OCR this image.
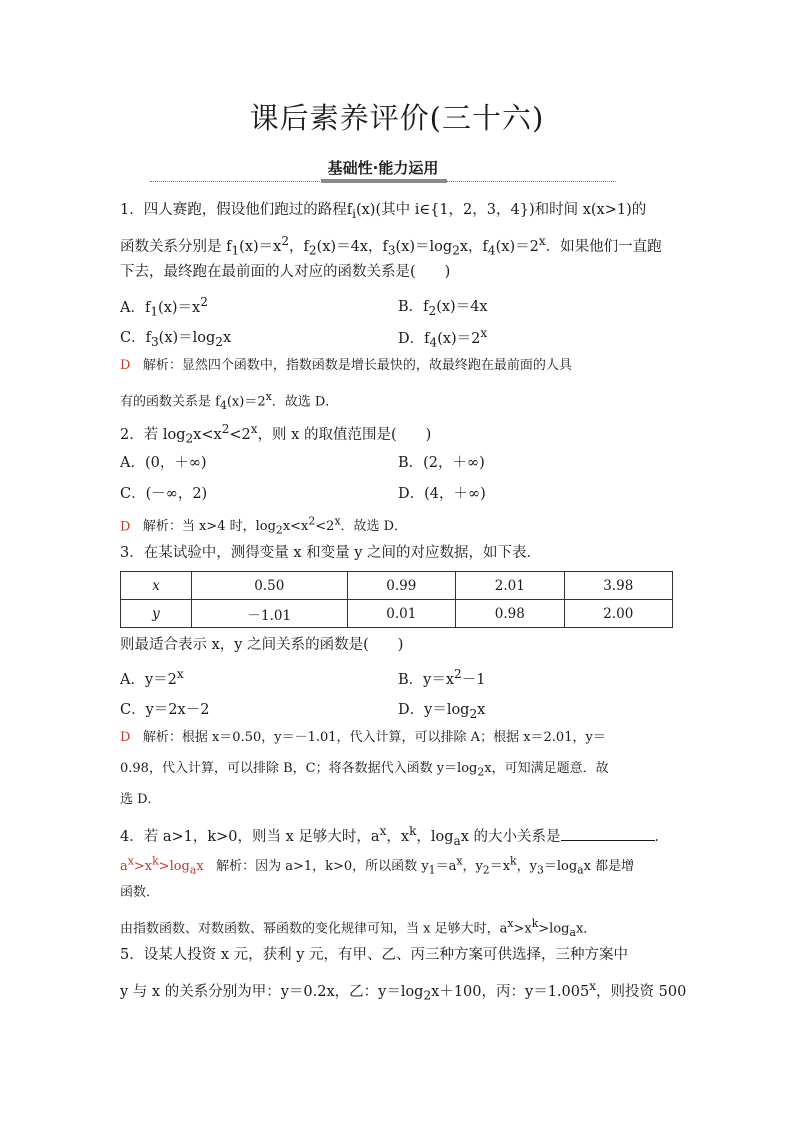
课后素养评价(三十六)
基础性·能力运用
1．四人赛跑，假设他们跑过的路程$f_i(x)$(其中 i∈{1，2，3，4})和时间 x(x>1)的
函数关系分别是 $f_1(x)=x^2$，$f_2(x)=4x$，$f_3(x)=\log_2x$，$f_4(x)=2^x$．如果他们一直跑
下去，最终跑在最前面的人对应的函数关系是(　　)
A．$f_1(x)=x^2$	B．$f_2(x)=4x$
C．$f_3(x)=\log_2x$	D．$f_4(x)=2^x$
D 解析：显然四个函数中，指数函数是增长最快的，故最终跑在最前面的人具
有的函数关系是 $f_4(x)=2^x$．故选 D．
2．若 $\log_2x<x^2<2^x$，则 x 的取值范围是(　　)
A．(0，＋∞)	B．(2，＋∞)
C．(－∞，2)	D．(4，＋∞)
D 解析：当 x>4 时，$\log_2x<x^2<2^x$．故选 D．
3．在某试验中，测得变量 x 和变量 y 之间的对应数据，如下表．
x	0.50	0.99	2.01	3.98
y	－1.01	0.01	0.98	2.00
则最适合表示 x，y 之间关系的函数是(　　)
A．$y=2^x$	B．$y=x^2-1$
C．y＝2x－2	D．$y=\log_2x$
D 解析：根据 x＝0.50，y＝－1.01，代入计算，可以排除 A；根据 x＝2.01，y＝
0.98，代入计算，可以排除 B，C；将各数据代入函数 $y=\log_2x$，可知满足题意．故
选 D．
4．若 a>1，k>0，则当 x 足够大时，$a^x$，$x^k$，$\log_ax$ 的大小关系是	．
$a^x>x^k>\log_ax$ 解析：因为 a>1，k>0，所以函数 $y_1=a^x$，$y_2=x^k$，$y_3=\log_ax$ 都是增
函数．
由指数函数、对数函数、幂函数的变化规律可知，当 x 足够大时，$a^x>x^k>\log_ax$．
5．设某人投资 x 元，获利 y 元，有甲、乙、丙三种方案可供选择，三种方案中
y 与 x 的关系分别为甲：y＝0.2x，乙：$y=\log_2x+100$，丙：$y=1.005^x$，则投资 500
